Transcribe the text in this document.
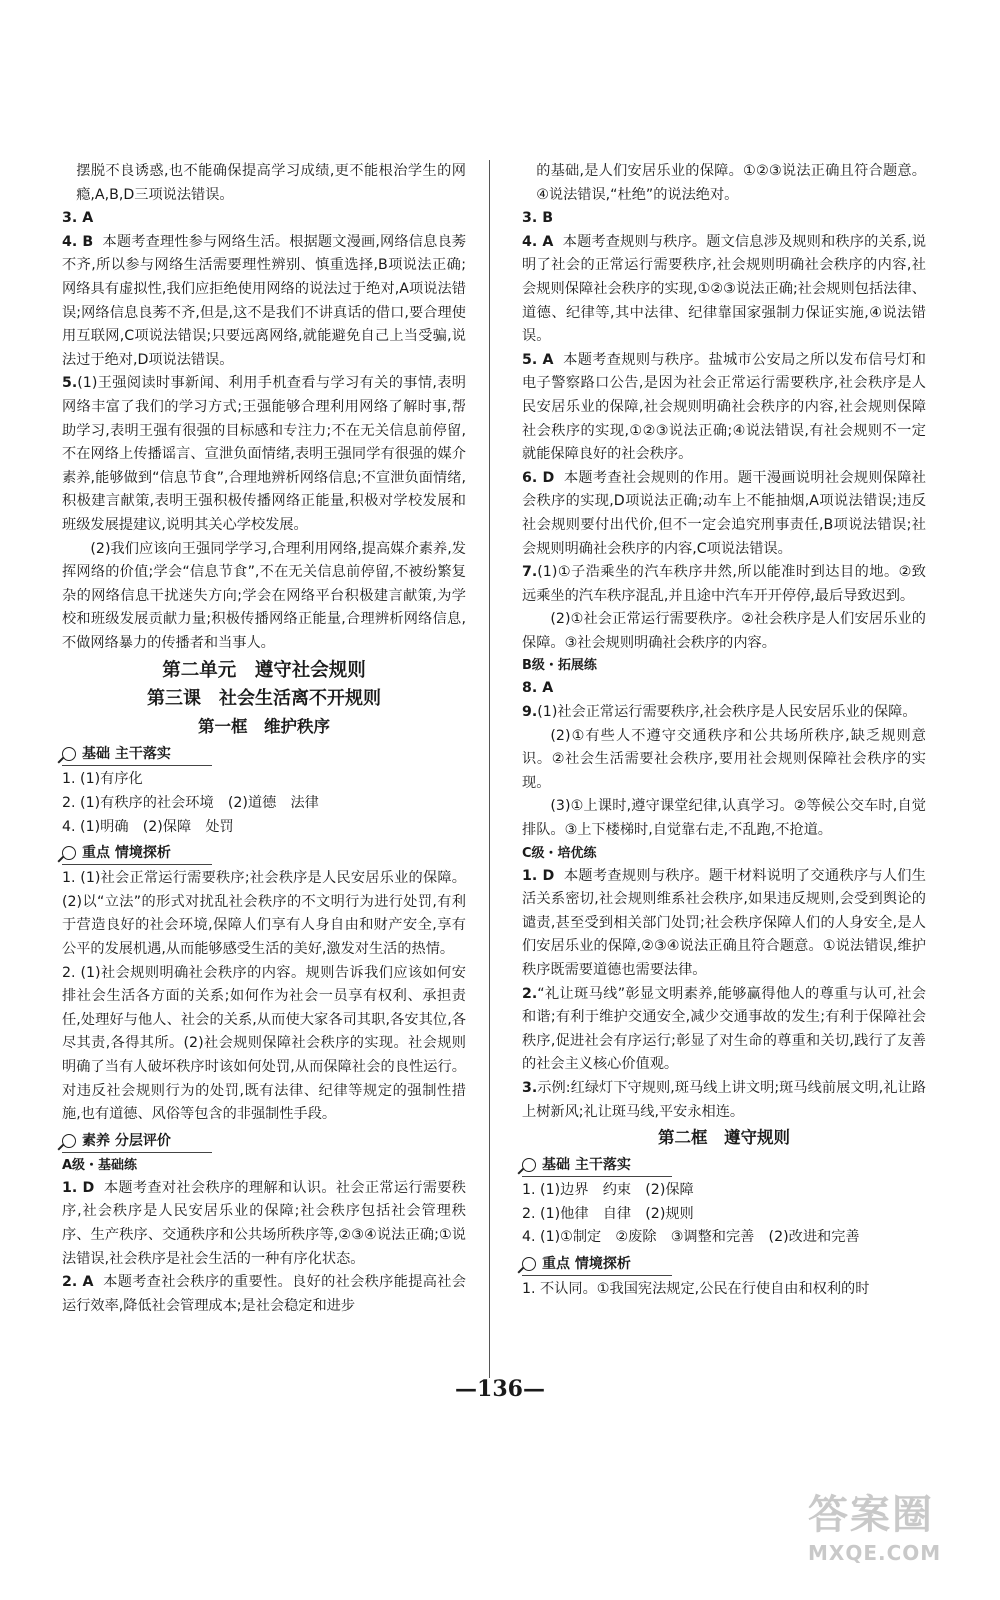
摆脱不良诱惑,也不能确保提高学习成绩,更不能根治学生的网瘾,A,B,D三项说法错误。

3. A

4. B 本题考查理性参与网络生活。根据题文漫画,网络信息良莠不齐,所以参与网络生活需要理性辨别、慎重选择,B项说法正确;网络具有虚拟性,我们应拒绝使用网络的说法过于绝对,A项说法错误;网络信息良莠不齐,但是,这不是我们不讲真话的借口,要合理使用互联网,C项说法错误;只要远离网络,就能避免自己上当受骗,说法过于绝对,D项说法错误。

5.(1)王强阅读时事新闻、利用手机查看与学习有关的事情,表明网络丰富了我们的学习方式;王强能够合理利用网络了解时事,帮助学习,表明王强有很强的目标感和专注力;不在无关信息前停留,不在网络上传播谣言、宣泄负面情绪,表明王强同学有很强的媒介素养,能够做到“信息节食”,合理地辨析网络信息;不宣泄负面情绪,积极建言献策,表明王强积极传播网络正能量,积极对学校发展和班级发展提建议,说明其关心学校发展。

(2)我们应该向王强同学学习,合理利用网络,提高媒介素养,发挥网络的价值;学会“信息节食”,不在无关信息前停留,不被纷繁复杂的网络信息干扰迷失方向;学会在网络平台积极建言献策,为学校和班级发展贡献力量;积极传播网络正能量,合理辨析网络信息,不做网络暴力的传播者和当事人。

第二单元　遵守社会规则
第三课　社会生活离不开规则
第一框　维护秩序
基础 主干落实

1. (1)有序化

2. (1)有秩序的社会环境　(2)道德　法律

4. (1)明确　(2)保障　处罚

重点 情境探析

1. (1)社会正常运行需要秩序;社会秩序是人民安居乐业的保障。(2)以“立法”的形式对扰乱社会秩序的不文明行为进行处罚,有利于营造良好的社会环境,保障人们享有人身自由和财产安全,享有公平的发展机遇,从而能够感受生活的美好,激发对生活的热情。

2. (1)社会规则明确社会秩序的内容。规则告诉我们应该如何安排社会生活各方面的关系;如何作为社会一员享有权利、承担责任,处理好与他人、社会的关系,从而使大家各司其职,各安其位,各尽其责,各得其所。(2)社会规则保障社会秩序的实现。社会规则明确了当有人破坏秩序时该如何处罚,从而保障社会的良性运行。对违反社会规则行为的处罚,既有法律、纪律等规定的强制性措施,也有道德、风俗等包含的非强制性手段。

素养 分层评价
A级・基础练

1. D 本题考查对社会秩序的理解和认识。社会正常运行需要秩序,社会秩序是人民安居乐业的保障;社会秩序包括社会管理秩序、生产秩序、交通秩序和公共场所秩序等,②③④说法正确;①说法错误,社会秩序是社会生活的一种有序化状态。

2. A 本题考查社会秩序的重要性。良好的社会秩序能提高社会运行效率,降低社会管理成本;是社会稳定和进步

的基础,是人们安居乐业的保障。①②③说法正确且符合题意。④说法错误,“杜绝”的说法绝对。

3. B

4. A 本题考查规则与秩序。题文信息涉及规则和秩序的关系,说明了社会的正常运行需要秩序,社会规则明确社会秩序的内容,社会规则保障社会秩序的实现,①②③说法正确;社会规则包括法律、道德、纪律等,其中法律、纪律靠国家强制力保证实施,④说法错误。

5. A 本题考查规则与秩序。盐城市公安局之所以发布信号灯和电子警察路口公告,是因为社会正常运行需要秩序,社会秩序是人民安居乐业的保障,社会规则明确社会秩序的内容,社会规则保障社会秩序的实现,①②③说法正确;④说法错误,有社会规则不一定就能保障良好的社会秩序。

6. D 本题考查社会规则的作用。题干漫画说明社会规则保障社会秩序的实现,D项说法正确;动车上不能抽烟,A项说法错误;违反社会规则要付出代价,但不一定会追究刑事责任,B项说法错误;社会规则明确社会秩序的内容,C项说法错误。

7.(1)①子浩乘坐的汽车秩序井然,所以能准时到达目的地。②致远乘坐的汽车秩序混乱,并且途中汽车开开停停,最后导致迟到。

(2)①社会正常运行需要秩序。②社会秩序是人们安居乐业的保障。③社会规则明确社会秩序的内容。

B级・拓展练

8. A

9.(1)社会正常运行需要秩序,社会秩序是人民安居乐业的保障。

(2)①有些人不遵守交通秩序和公共场所秩序,缺乏规则意识。②社会生活需要社会秩序,要用社会规则保障社会秩序的实现。

(3)①上课时,遵守课堂纪律,认真学习。②等候公交车时,自觉排队。③上下楼梯时,自觉靠右走,不乱跑,不抢道。

C级・培优练

1. D 本题考查规则与秩序。题干材料说明了交通秩序与人们生活关系密切,社会规则维系社会秩序,如果违反规则,会受到舆论的谴责,甚至受到相关部门处罚;社会秩序保障人们的人身安全,是人们安居乐业的保障,②③④说法正确且符合题意。①说法错误,维护秩序既需要道德也需要法律。

2.“礼让斑马线”彰显文明素养,能够赢得他人的尊重与认可,社会和谐;有利于维护交通安全,减少交通事故的发生;有利于保障社会秩序,促进社会有序运行;彰显了对生命的尊重和关切,践行了友善的社会主义核心价值观。

3.示例:红绿灯下守规则,斑马线上讲文明;斑马线前展文明,礼让路上树新风;礼让斑马线,平安永相连。

第二框　遵守规则
基础 主干落实

1. (1)边界　约束　(2)保障

2. (1)他律　自律　(2)规则

4. (1)①制定　②废除　③调整和完善　(2)改进和完善

重点 情境探析

1. 不认同。①我国宪法规定,公民在行使自由和权利的时

—136—
答案圈
MXQE.COM
